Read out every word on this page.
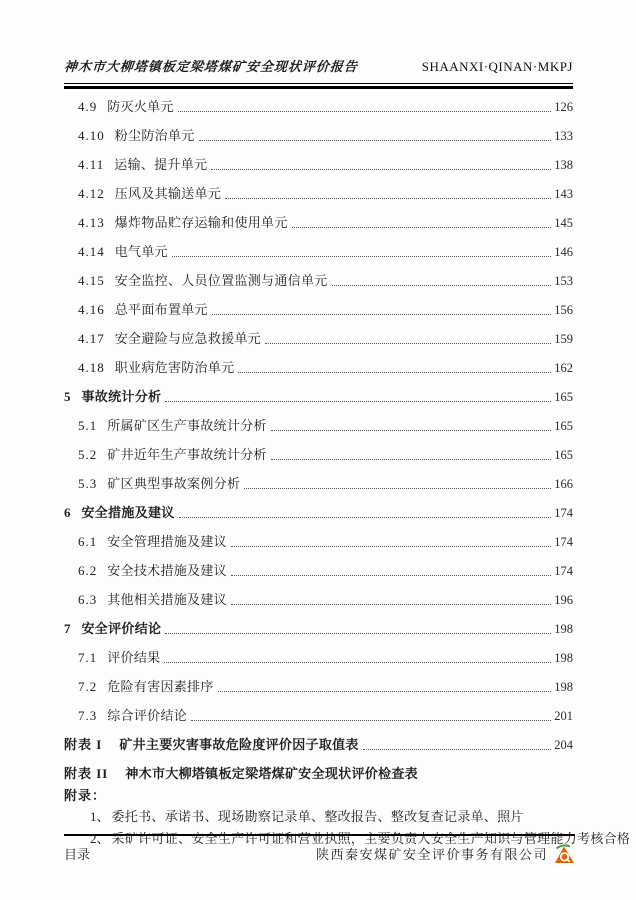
神木市大柳塔镇板定梁塔煤矿安全现状评价报告	SHAANXI·QINAN·MKPJ
4.9 防灭火单元	126
4.10 粉尘防治单元	133
4.11 运输、提升单元	138
4.12 压风及其输送单元	143
4.13 爆炸物品贮存运输和使用单元	145
4.14 电气单元	146
4.15 安全监控、人员位置监测与通信单元	153
4.16 总平面布置单元	156
4.17 安全避险与应急救援单元	159
4.18 职业病危害防治单元	162
5 事故统计分析	165
5.1 所属矿区生产事故统计分析	165
5.2 矿井近年生产事故统计分析	165
5.3 矿区典型事故案例分析	166
6 安全措施及建议	174
6.1 安全管理措施及建议	174
6.2 安全技术措施及建议	174
6.3 其他相关措施及建议	196
7 安全评价结论	198
7.1 评价结果	198
7.2 危险有害因素排序	198
7.3 综合评价结论	201
附表 I 矿井主要灾害事故危险度评价因子取值表	204
附表 II 神木市大柳塔镇板定梁塔煤矿安全现状评价检查表
附录：
1、 委托书、承诺书、现场勘察记录单、整改报告、整改复查记录单、照片
2、 采矿许可证、安全生产许可证和营业执照，主要负责人安全生产知识与管理能力考核合格
目录	陕西秦安煤矿安全评价事务有限公司
